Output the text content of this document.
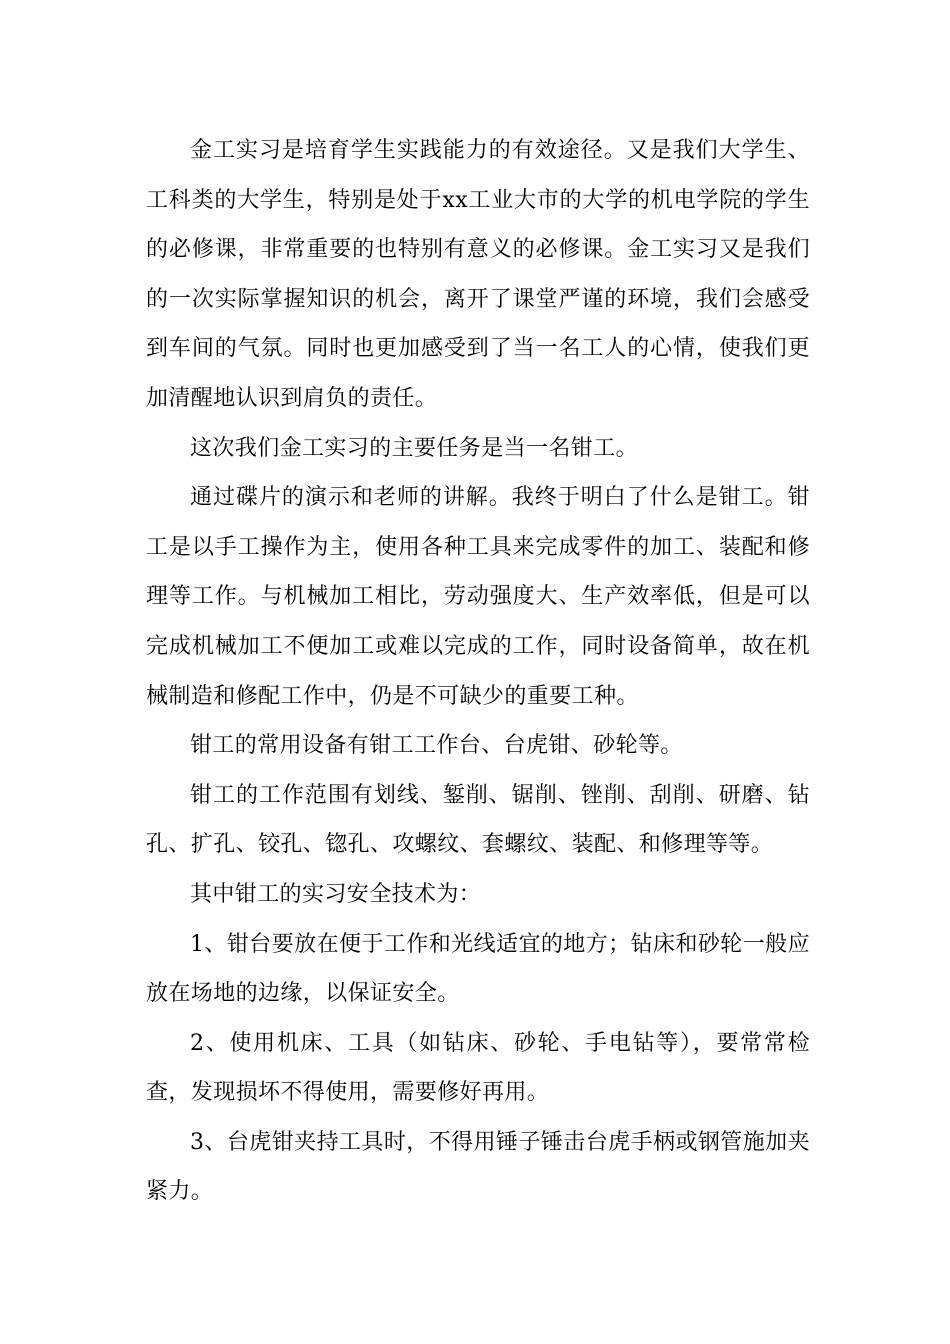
金工实习是培育学生实践能力的有效途径。又是我们大学生、工科类的大学生，特别是处于xx工业大市的大学的机电学院的学生的必修课，非常重要的也特别有意义的必修课。金工实习又是我们的一次实际掌握知识的机会，离开了课堂严谨的环境，我们会感受到车间的气氛。同时也更加感受到了当一名工人的心情，使我们更加清醒地认识到肩负的责任。

这次我们金工实习的主要任务是当一名钳工。

通过碟片的演示和老师的讲解。我终于明白了什么是钳工。钳工是以手工操作为主，使用各种工具来完成零件的加工、装配和修理等工作。与机械加工相比，劳动强度大、生产效率低，但是可以完成机械加工不便加工或难以完成的工作，同时设备简单，故在机械制造和修配工作中，仍是不可缺少的重要工种。

钳工的常用设备有钳工工作台、台虎钳、砂轮等。

钳工的工作范围有划线、錾削、锯削、锉削、刮削、研磨、钻孔、扩孔、铰孔、锪孔、攻螺纹、套螺纹、装配、和修理等等。

其中钳工的实习安全技术为：

1、钳台要放在便于工作和光线适宜的地方；钻床和砂轮一般应放在场地的边缘，以保证安全。

2、使用机床、工具（如钻床、砂轮、手电钻等），要常常检查，发现损坏不得使用，需要修好再用。

3、台虎钳夹持工具时，不得用锤子锤击台虎手柄或钢管施加夹紧力。
